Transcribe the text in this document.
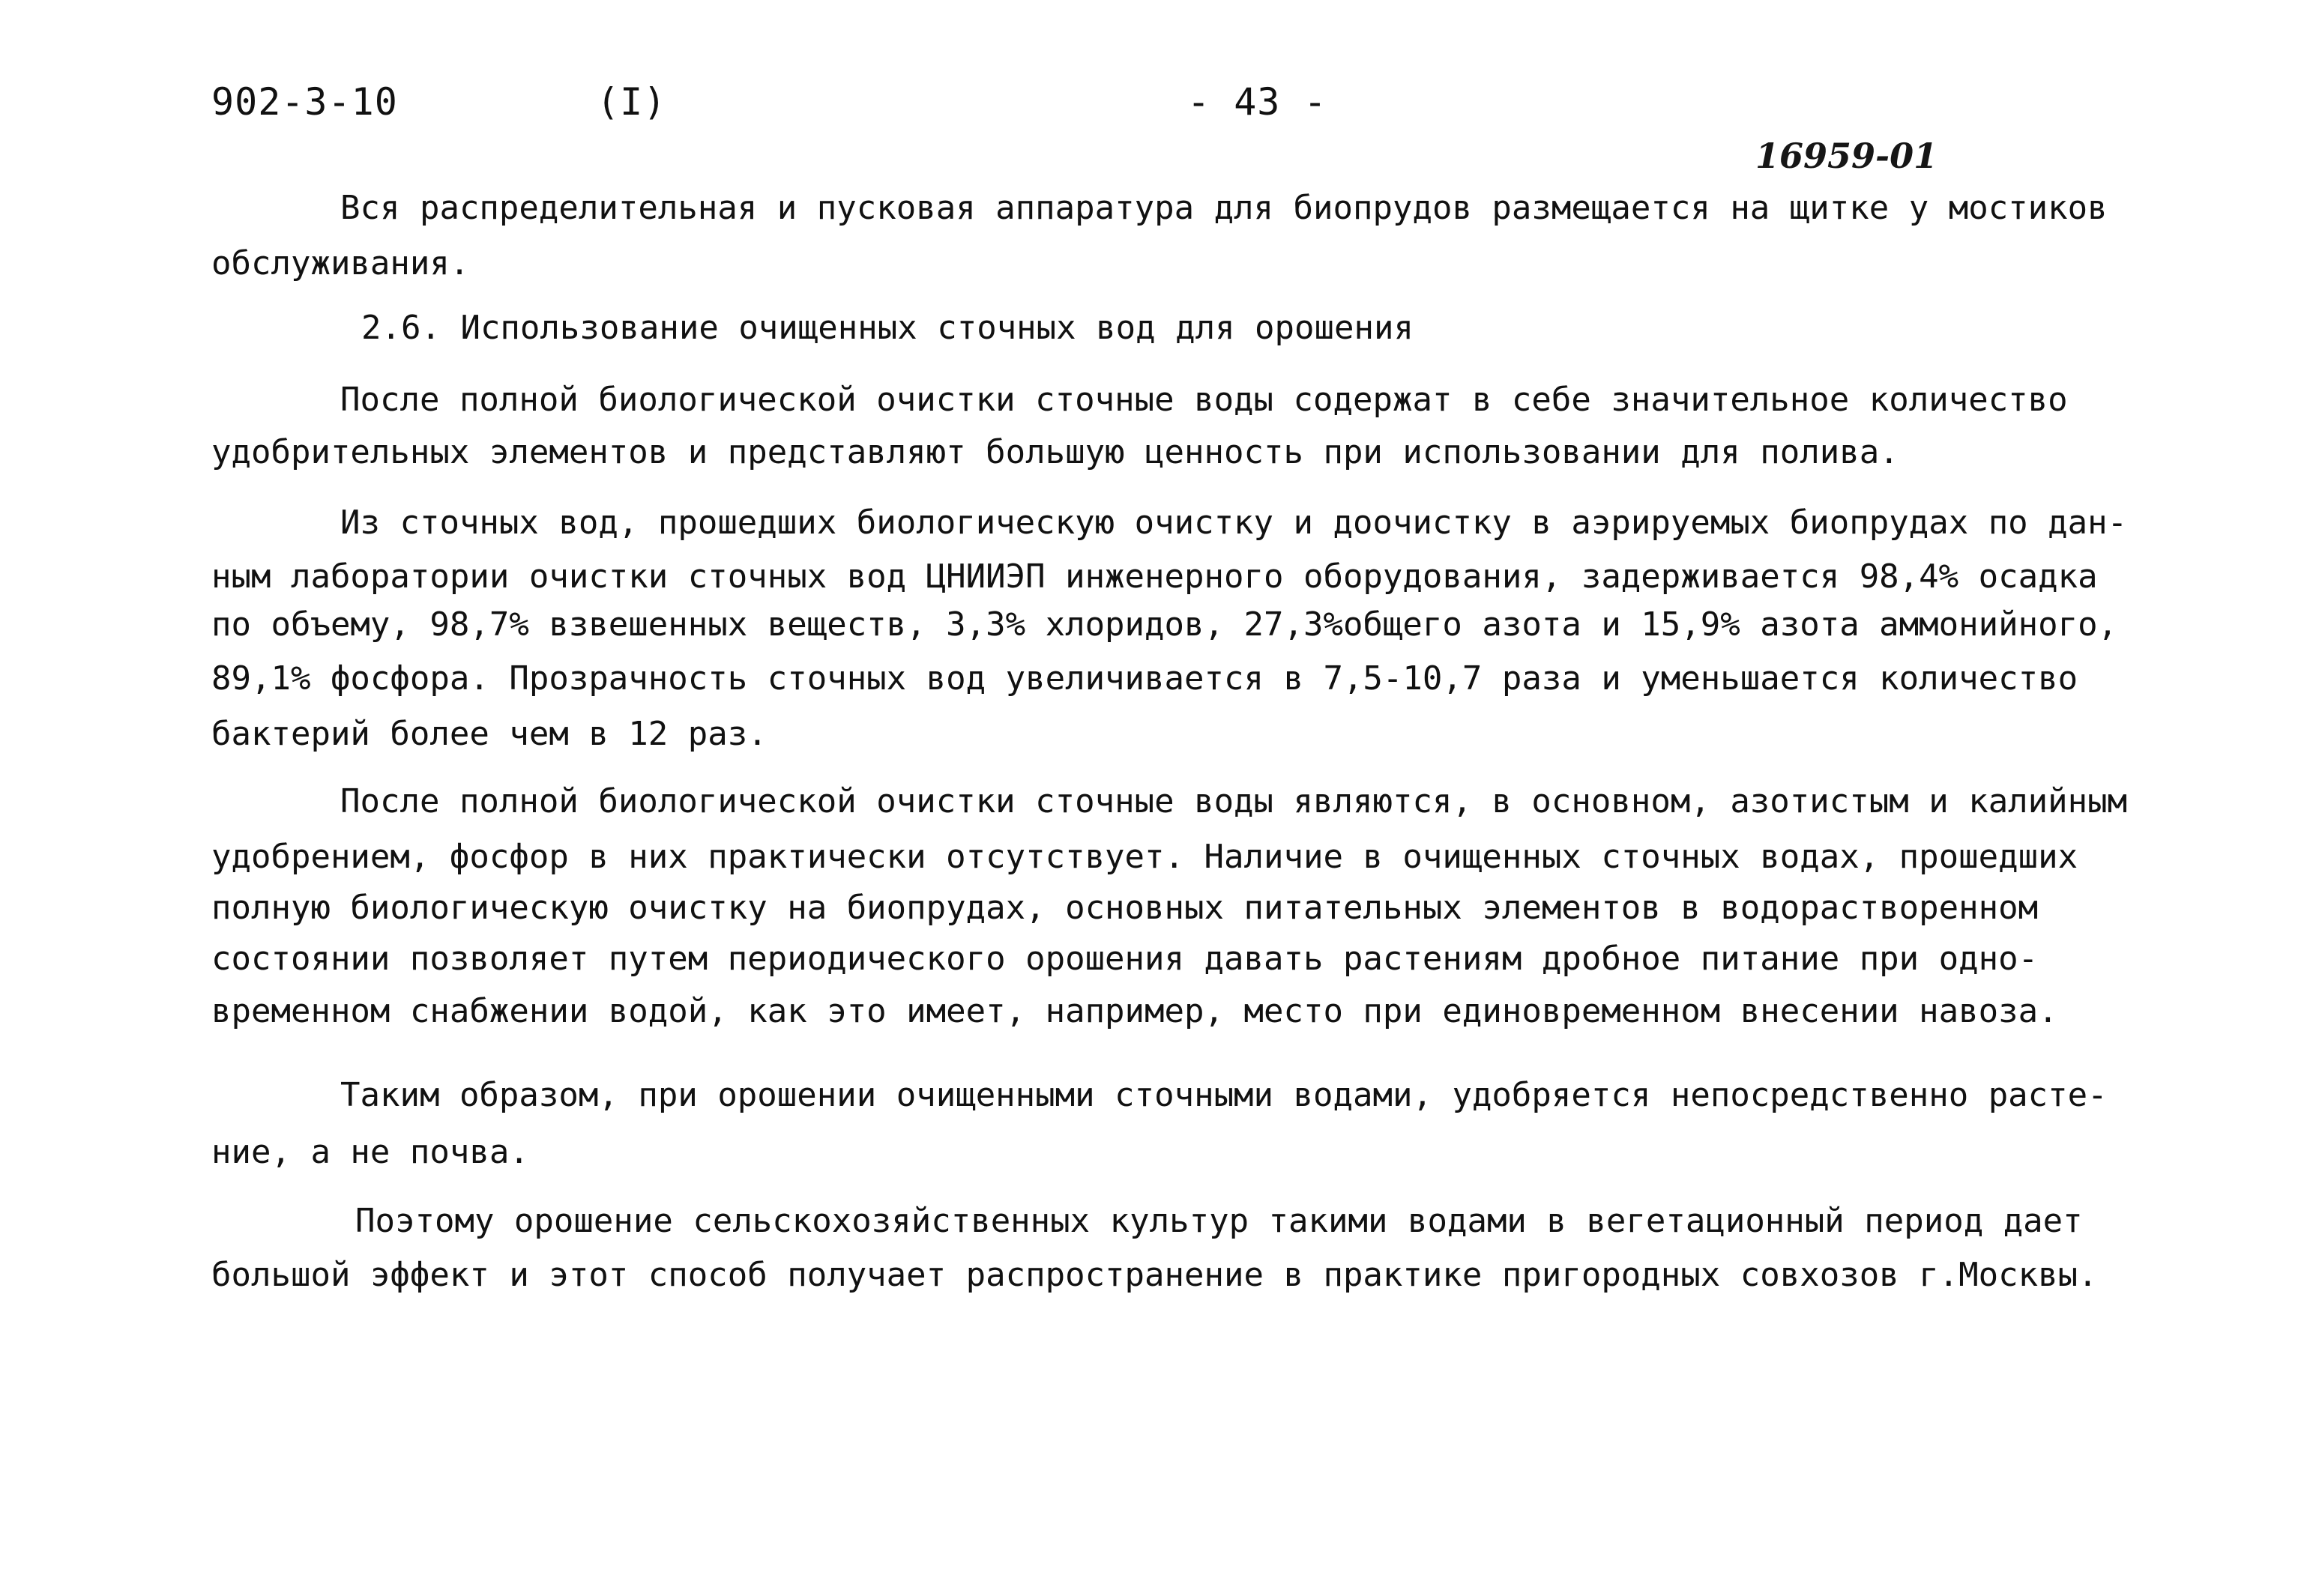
902-3-10	(I)	- 43 -
16959-01
Вся распределительная и пусковая аппаратура для биопрудов размещается на щитке у мостиков
обслуживания.
2.6. Использование очищенных сточных вод для орошения
После полной биологической очистки сточные воды содержат в себе значительное количество
удобрительных элементов и представляют большую ценность при использовании для полива.
Из сточных вод, прошедших биологическую очистку и доочистку в аэрируемых биопрудах по дан-
ным лаборатории очистки сточных вод ЦНИИЭП инженерного оборудования, задерживается 98,4% осадка
по объему, 98,7% взвешенных веществ, 3,3% хлоридов, 27,3%общего азота и 15,9% азота аммонийного,
89,1% фосфора. Прозрачность сточных вод увеличивается в 7,5-10,7 раза и уменьшается количество
бактерий более чем в 12 раз.
После полной биологической очистки сточные воды являются, в основном, азотистым и калийным
удобрением, фосфор в них практически отсутствует. Наличие в очищенных сточных водах, прошедших
полную биологическую очистку на биопрудах, основных питательных элементов в водорастворенном
состоянии позволяет путем периодического орошения давать растениям дробное питание при одно-
временном снабжении водой, как это имеет, например, место при единовременном внесении навоза.
Таким образом, при орошении очищенными сточными водами, удобряется непосредственно расте-
ние, а не почва.
Поэтому орошение сельскохозяйственных культур такими водами в вегетационный период дает
большой эффект и этот способ получает распространение в практике пригородных совхозов г.Москвы.
